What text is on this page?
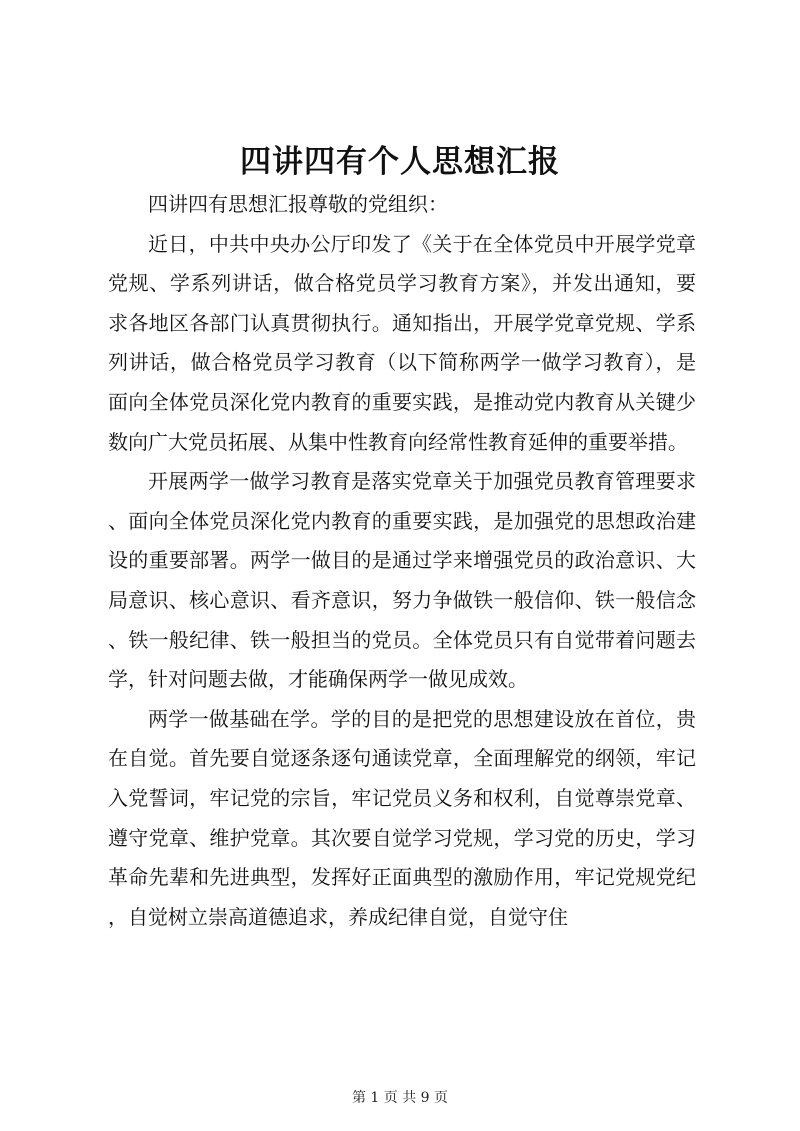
四讲四有个人思想汇报

四讲四有思想汇报尊敬的党组织：

近日，中共中央办公厅印发了《关于在全体党员中开展学党章党规、学系列讲话，做合格党员学习教育方案》，并发出通知，要求各地区各部门认真贯彻执行。通知指出，开展学党章党规、学系列讲话，做合格党员学习教育（以下简称两学一做学习教育），是面向全体党员深化党内教育的重要实践，是推动党内教育从关键少数向广大党员拓展、从集中性教育向经常性教育延伸的重要举措。

开展两学一做学习教育是落实党章关于加强党员教育管理要求、面向全体党员深化党内教育的重要实践，是加强党的思想政治建设的重要部署。两学一做目的是通过学来增强党员的政治意识、大局意识、核心意识、看齐意识，努力争做铁一般信仰、铁一般信念、铁一般纪律、铁一般担当的党员。全体党员只有自觉带着问题去学，针对问题去做，才能确保两学一做见成效。

两学一做基础在学。学的目的是把党的思想建设放在首位，贵在自觉。首先要自觉逐条逐句通读党章，全面理解党的纲领，牢记入党誓词，牢记党的宗旨，牢记党员义务和权利，自觉尊崇党章、遵守党章、维护党章。其次要自觉学习党规，学习党的历史，学习革命先辈和先进典型，发挥好正面典型的激励作用，牢记党规党纪，自觉树立崇高道德追求，养成纪律自觉，自觉守住

第 1 页 共 9 页
